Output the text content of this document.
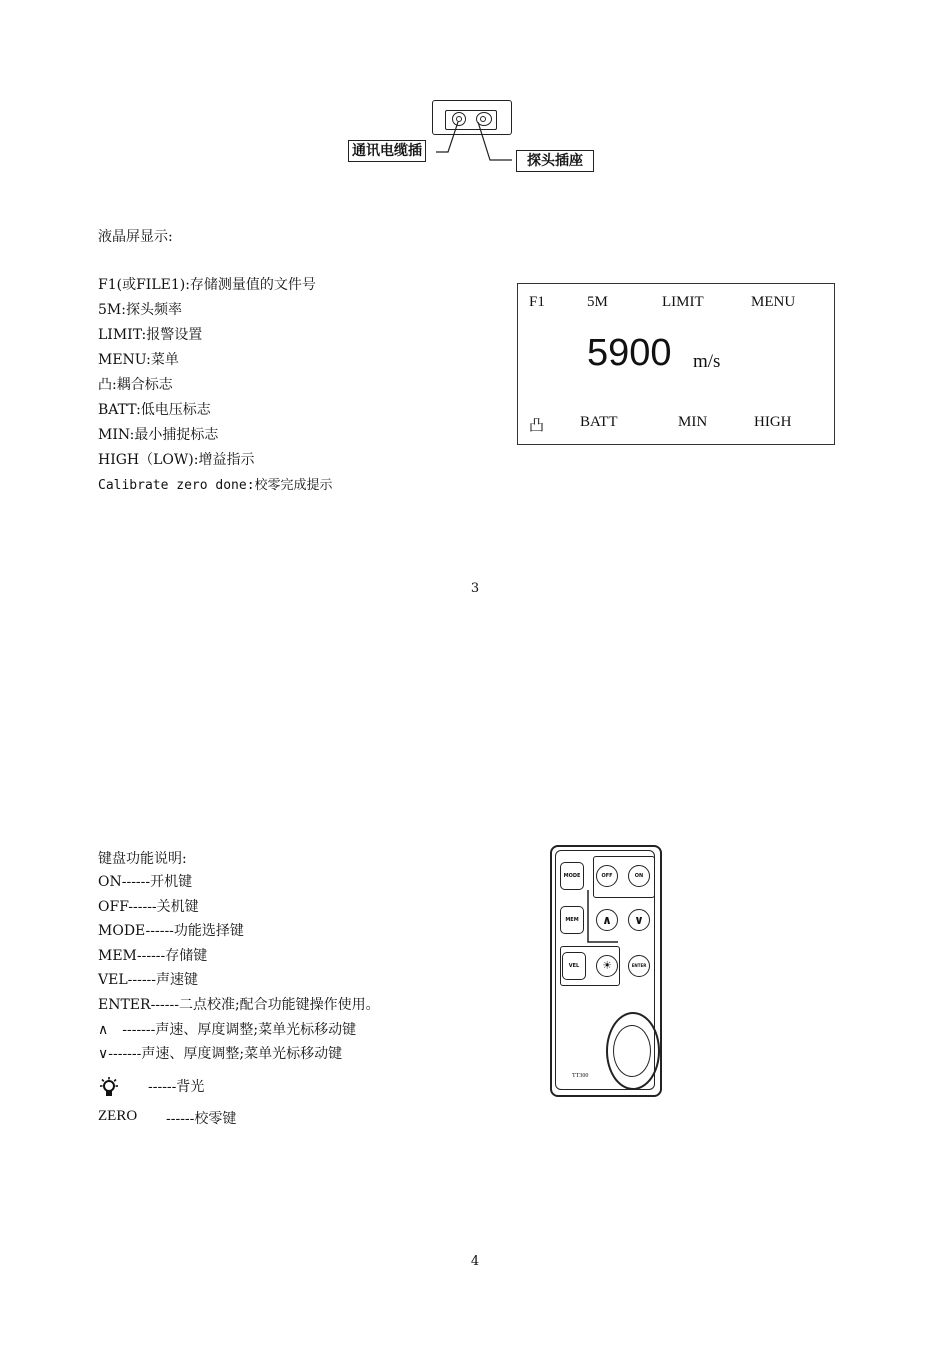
通讯电缆插
探头插座
液晶屏显示:
F1(或FILE1):存储测量值的文件号
5M:探头频率
LIMIT:报警设置
MENU:菜单
凸:耦合标志
BATT:低电压标志
MIN:最小捕捉标志
HIGH（LOW):增益指示
Calibrate zero done:校零完成提示
F1	5M	LIMIT	MENU
5900 m/s
凸 BATT	MIN	HIGH
3
键盘功能说明:
ON------开机键
OFF------关机键
MODE------功能选择键
MEM------存储键
VEL------声速键
ENTER------二点校准;配合功能键操作使用。
∧　-------声速、厚度调整;菜单光标移动键
∨-------声速、厚度调整;菜单光标移动键
------背光
ZERO ------校零键
MODE	OFF	ON
MEM	∧	∨
VEL	☀	ENTER
TT300
4
